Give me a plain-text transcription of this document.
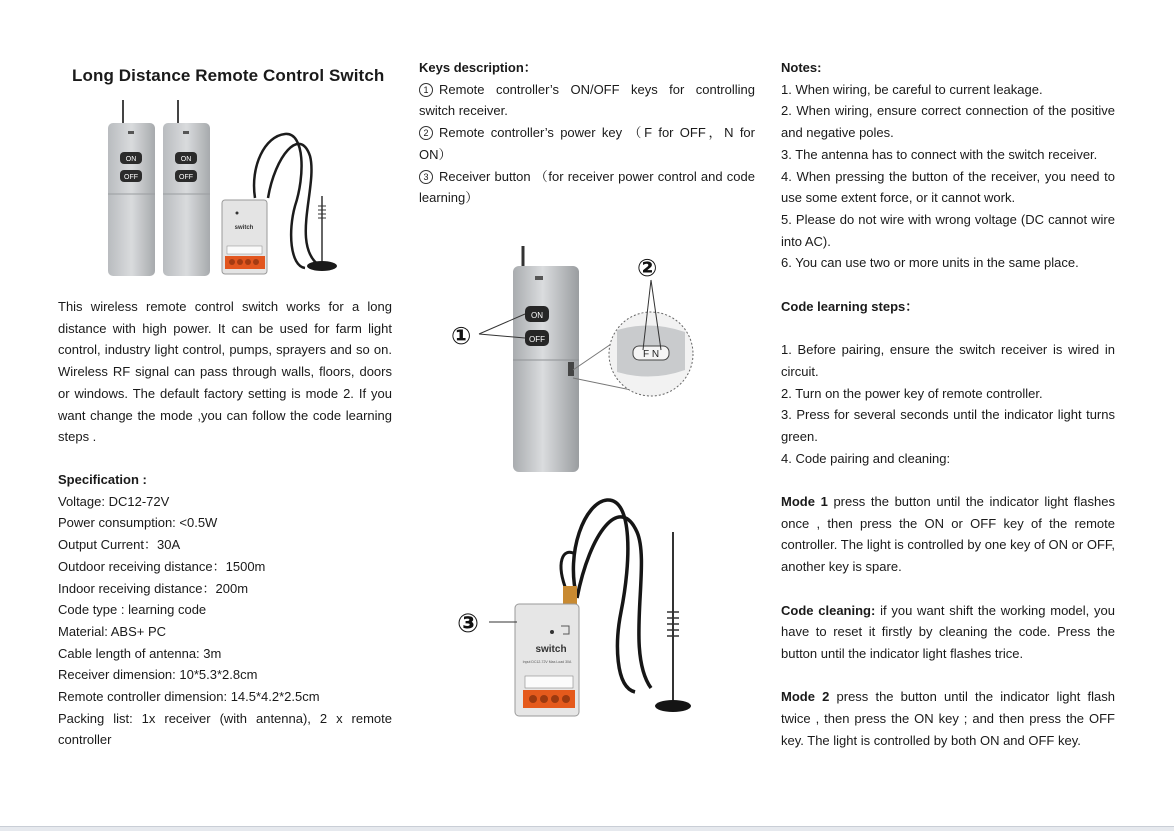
Long Distance Remote Control Switch
ON
OFF
ON
OFF
switch

This wireless remote control switch works for a long distance with high power. It can be used for farm light control, industry light control, pumps, sprayers and so on. Wireless RF signal can pass through walls, floors, doors or windows. The default factory setting is mode 2. If you want change the mode ,you can follow the code learning steps .

Specification :

Voltage: DC12-72V

Power consumption: <0.5W

Output Current：30A

Outdoor receiving distance：1500m

Indoor receiving distance：200m

Code type : learning code

Material: ABS+ PC

Cable length of antenna: 3m

Receiver dimension: 10*5.3*2.8cm

Remote controller dimension: 14.5*4.2*2.5cm

Packing list: 1x receiver (with antenna), 2 x remote controller

Keys description：

1 Remote controller’s ON/OFF keys for controlling switch receiver.

2 Remote controller’s power key （F for OFF，N for ON）

3 Receiver button （for receiver power control and code learning）

ON
OFF
①
F N
②
switch
Input DC12-72V Max.Load 30A
③

Notes:

1. When wiring, be careful to current leakage.

2. When wiring, ensure correct connection of the positive and negative poles.

3. The antenna has to connect with the switch receiver.

4. When pressing the button of the receiver, you need to use some extent force, or it cannot work.

5. Please do not wire with wrong voltage (DC cannot wire into AC).

6. You can use two or more units in the same place.

Code learning steps：

1. Before pairing, ensure the switch receiver is wired in circuit.

2. Turn on the power key of remote controller.

3. Press for several seconds until the indicator light turns green.

4. Code pairing and cleaning:

Mode 1 press the button until the indicator light flashes once , then press the ON or OFF key of the remote controller. The light is controlled by one key of ON or OFF, another key is spare.

Code cleaning: if you want shift the working model, you have to reset it firstly by cleaning the code. Press the button until the indicator light flashes trice.

Mode 2 press the button until the indicator light flash twice , then press the ON key ; and then press the OFF key. The light is controlled by both ON and OFF key.
